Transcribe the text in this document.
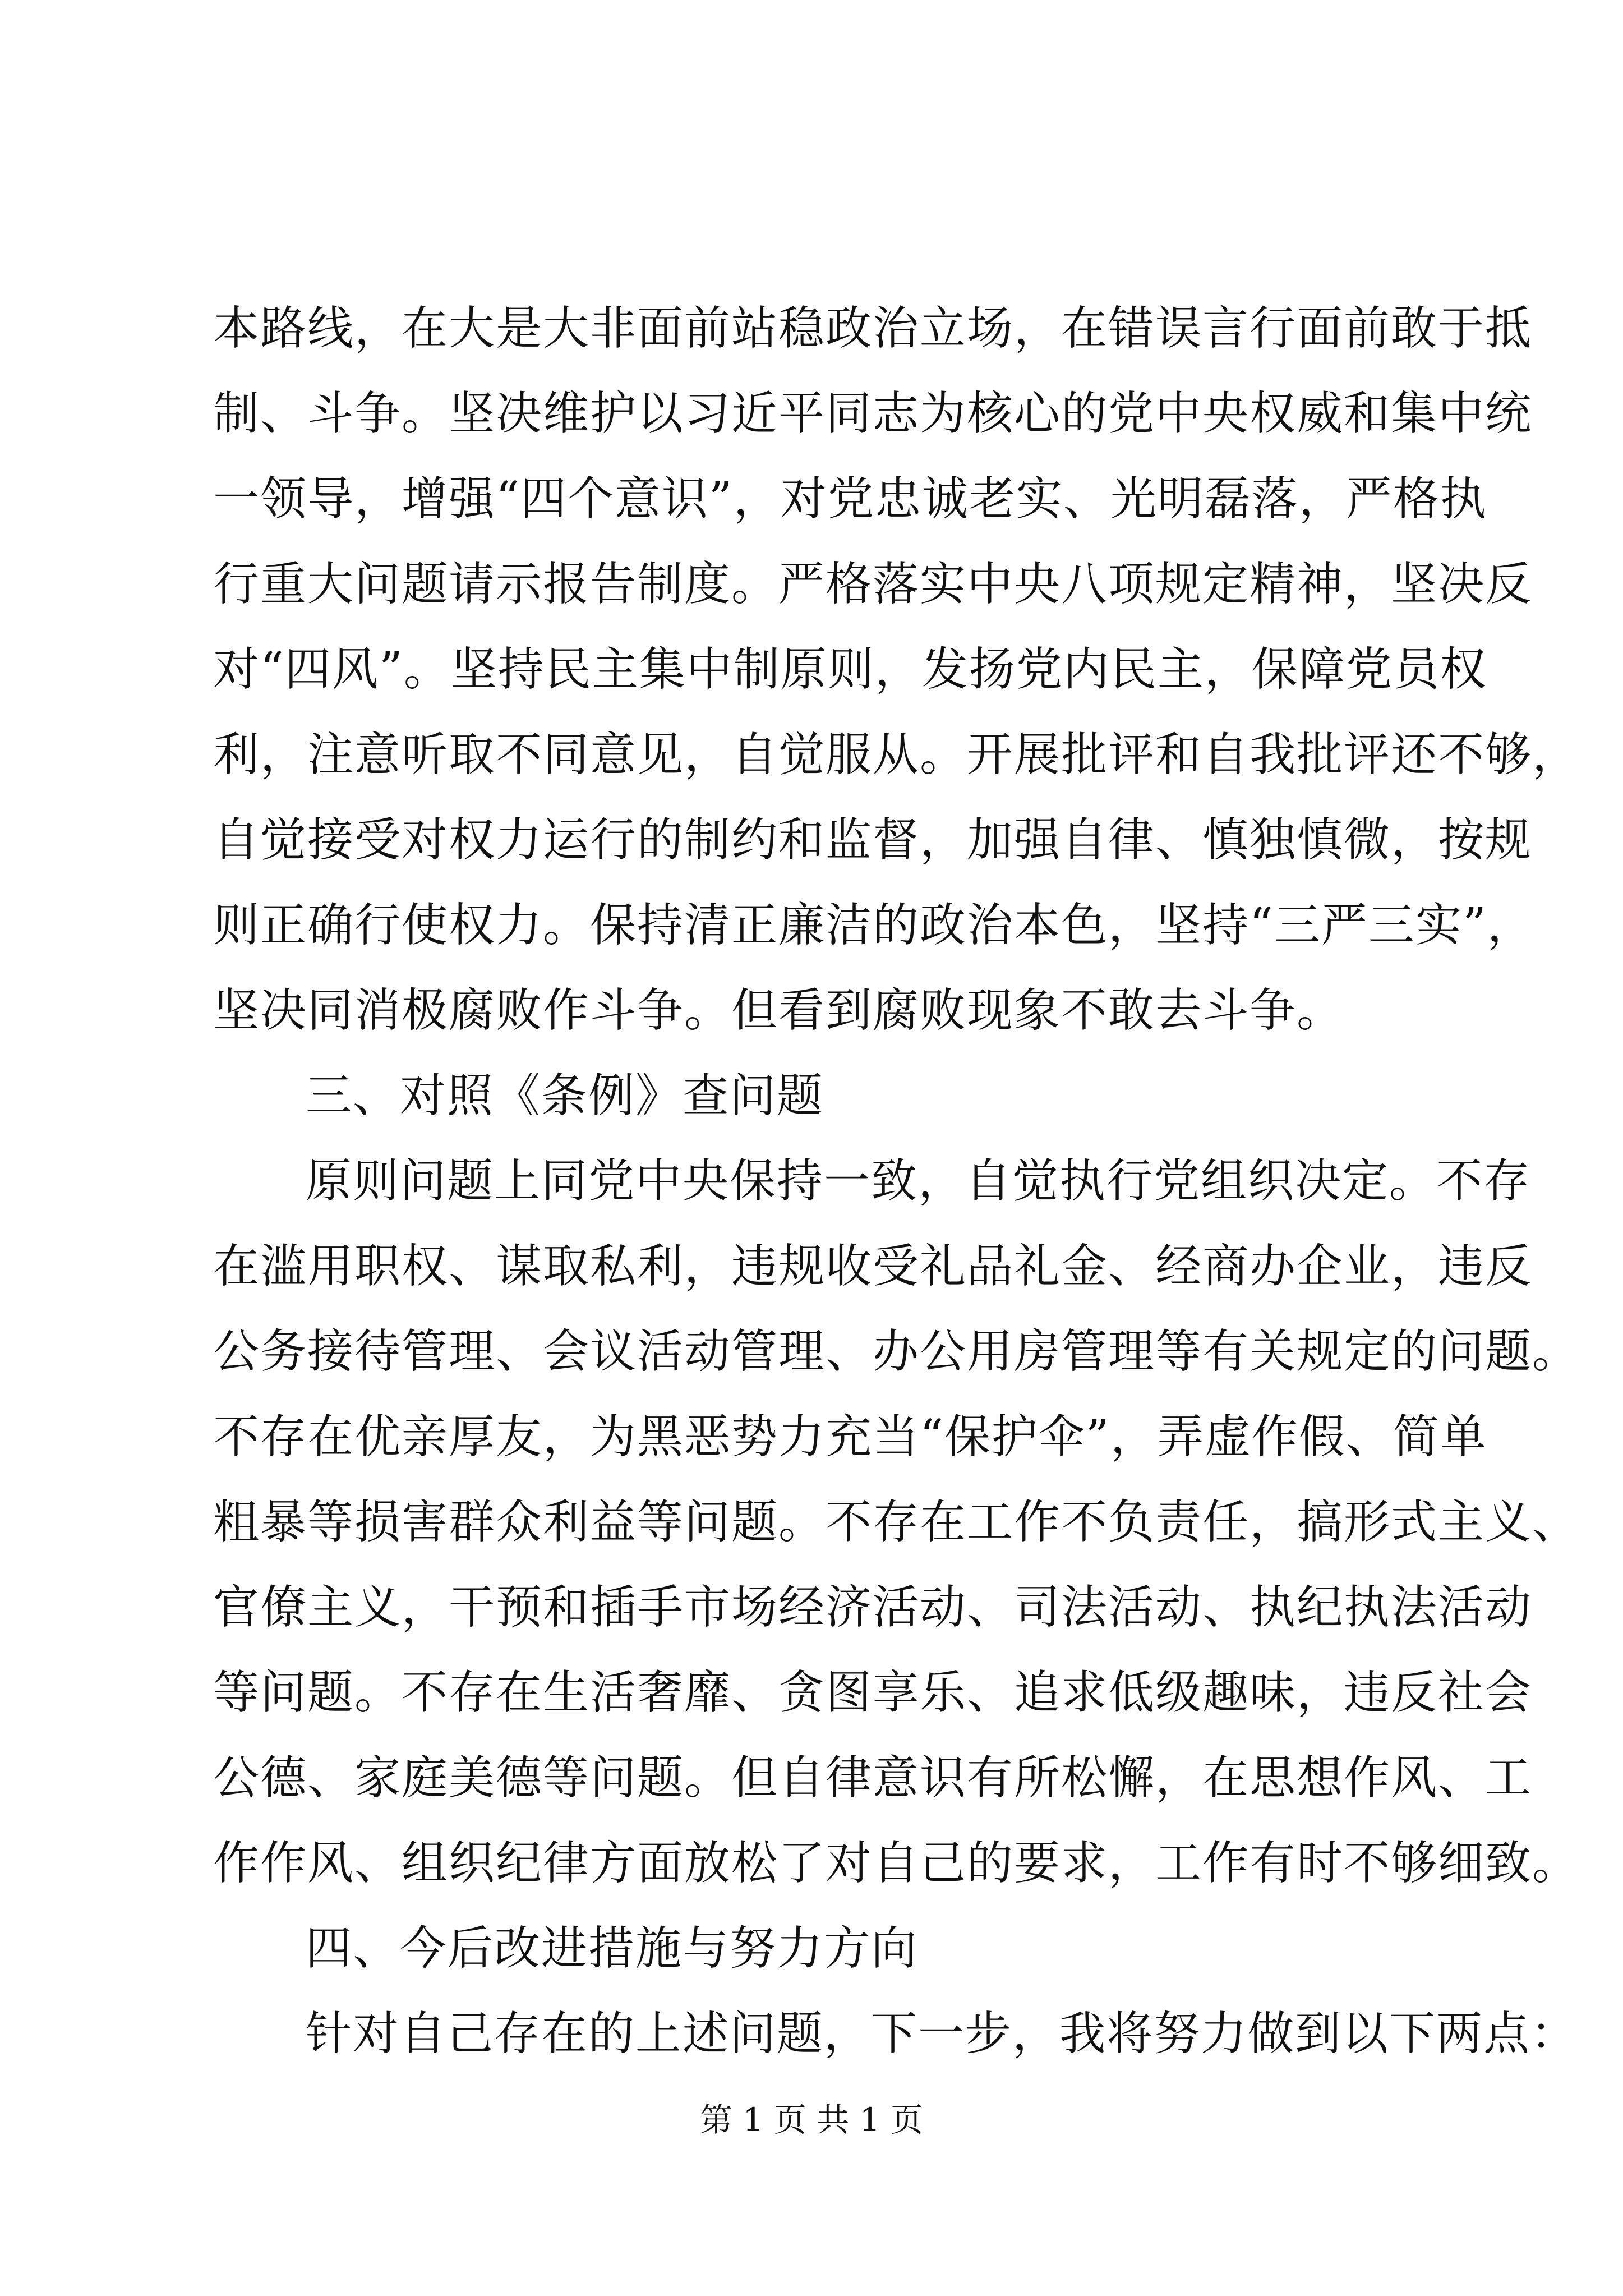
本路线，在大是大非面前站稳政治立场，在错误言行面前敢于抵
制、斗争。坚决维护以习近平同志为核心的党中央权威和集中统
一领导，增强“四个意识”，对党忠诚老实、光明磊落，严格执
行重大问题请示报告制度。严格落实中央八项规定精神，坚决反
对“四风”。坚持民主集中制原则，发扬党内民主，保障党员权
利，注意听取不同意见，自觉服从。开展批评和自我批评还不够，
自觉接受对权力运行的制约和监督，加强自律、慎独慎微，按规
则正确行使权力。保持清正廉洁的政治本色，坚持“三严三实”，
坚决同消极腐败作斗争。但看到腐败现象不敢去斗争。
三、对照《条例》查问题
原则问题上同党中央保持一致，自觉执行党组织决定。不存
在滥用职权、谋取私利，违规收受礼品礼金、经商办企业，违反
公务接待管理、会议活动管理、办公用房管理等有关规定的问题。
不存在优亲厚友，为黑恶势力充当“保护伞”，弄虚作假、简单
粗暴等损害群众利益等问题。不存在工作不负责任，搞形式主义、
官僚主义，干预和插手市场经济活动、司法活动、执纪执法活动
等问题。不存在生活奢靡、贪图享乐、追求低级趣味，违反社会
公德、家庭美德等问题。但自律意识有所松懈，在思想作风、工
作作风、组织纪律方面放松了对自己的要求，工作有时不够细致。
四、今后改进措施与努力方向
针对自己存在的上述问题，下一步，我将努力做到以下两点：
第 1 页 共 1 页
